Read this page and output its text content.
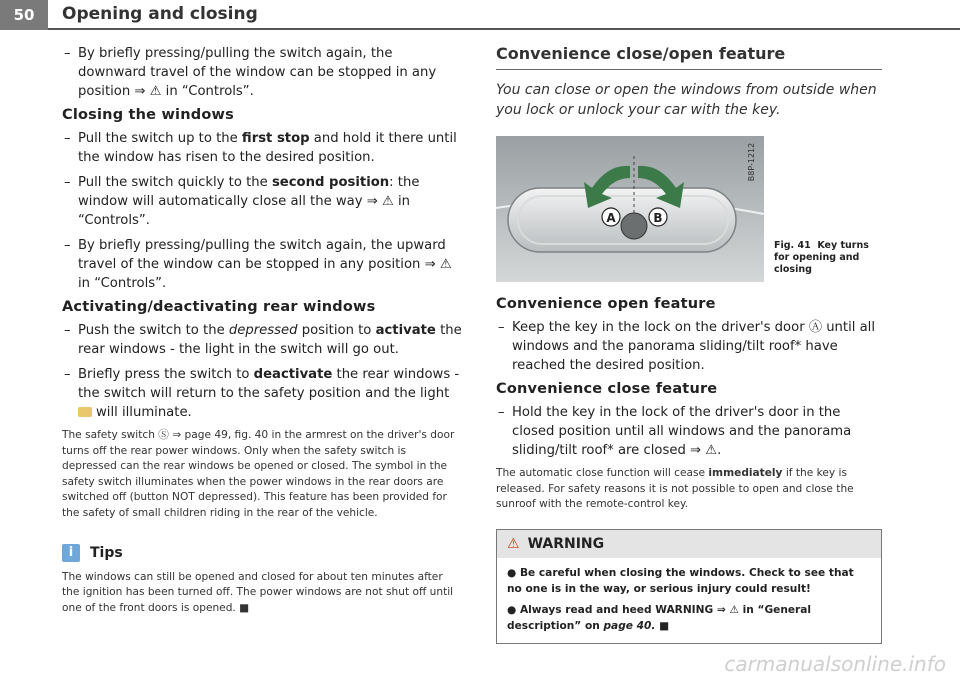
50	Opening and closing
– By briefly pressing/pulling the switch again, the downward travel of the window can be stopped in any position ⇒ ⚠ in “Controls”.
Closing the windows
– Pull the switch up to the first stop and hold it there until the window has risen to the desired position.
– Pull the switch quickly to the second position: the window will automatically close all the way ⇒ ⚠ in “Controls”.
– By briefly pressing/pulling the switch again, the upward travel of the window can be stopped in any position ⇒ ⚠ in “Controls”.
Activating/deactivating rear windows
– Push the switch to the depressed position to activate the rear windows - the light in the switch will go out.
– Briefly press the switch to deactivate the rear windows - the switch will return to the safety position and the light
will illuminate.

The safety switch Ⓢ ⇒ page 49, fig. 40 in the armrest on the driver's door turns off the rear power windows. Only when the safety switch is depressed can the rear windows be opened or closed. The symbol in the safety switch illuminates when the power windows in the rear doors are switched off (button NOT depressed). This feature has been provided for the safety of small children riding in the rear of the vehicle.

i	Tips

The windows can still be opened and closed for about ten minutes after the ignition has been turned off. The power windows are not shut off until one of the front doors is opened. ■

Convenience close/open feature

You can close or open the windows from outside when you lock or unlock your car with the key.

A	B
B8P-1212
Fig. 41 Key turns for opening and closing
Convenience open feature
– Keep the key in the lock on the driver's door Ⓐ until all windows and the panorama sliding/tilt roof* have reached the desired position.
Convenience close feature
– Hold the key in the lock of the driver's door in the closed position until all windows and the panorama sliding/tilt roof* are closed ⇒ ⚠.

The automatic close function will cease immediately if the key is released. For safety reasons it is not possible to open and close the sunroof with the remote-control key.

⚠ WARNING

● Be careful when closing the windows. Check to see that no one is in the way, or serious injury could result!

● Always read and heed WARNING ⇒ ⚠ in “General description” on page 40. ■

carmanualsonline.info
